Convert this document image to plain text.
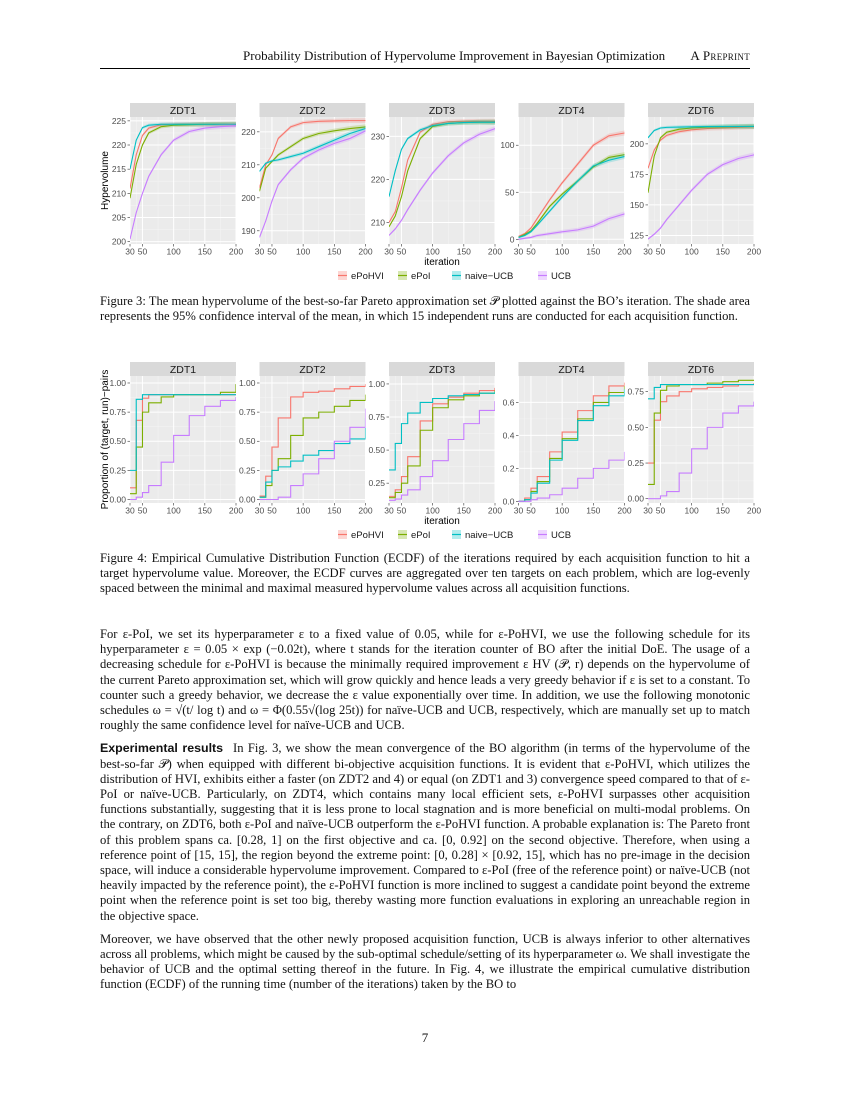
Probability Distribution of Hypervolume Improvement in Bayesian Optimization A Preprint
Hypervolume
ZDT1
30 50 100 150 200
200
205
210
215
220
225
ZDT2
30 50 100 150 200
190
200
210
220
ZDT3
30 50 100 150 200
210
220
230
ZDT4
30 50 100 150 200
0
50
100
ZDT6
30 50 100 150 200
125
150
175
200
iteration
ePoHVI	ePoI	naive−UCB	UCB
Figure 3: The mean hypervolume of the best-so-far Pareto approximation set 𝒫 plotted against the BO’s iteration. The shade area represents the 95% confidence interval of the mean, in which 15 independent runs are conducted for each acquisition function.
Proportion of (target, run)−pairs	ZDT1
30 50 100 150 200
0.00
0.25
0.50
0.75
1.00
ZDT2
30 50 100 150 200
0.00
0.25
0.50
0.75
1.00
ZDT3
30 50 100 150 200
0.25
0.50
0.75
1.00
ZDT4
30 50 100 150 200
0.0
0.2
0.4
0.6
ZDT6
30 50 100 150 200
0.00
0.25
0.50
0.75
iteration
ePoHVI	ePoI	naive−UCB	UCB
Figure 4: Empirical Cumulative Distribution Function (ECDF) of the iterations required by each acquisition function to hit a target hypervolume value. Moreover, the ECDF curves are aggregated over ten targets on each problem, which are log-evenly spaced between the minimal and maximal measured hypervolume values across all acquisition functions.

For ε-PoI, we set its hyperparameter ε to a fixed value of 0.05, while for ε-PoHVI, we use the following schedule for its hyperparameter ε = 0.05 × exp (−0.02t), where t stands for the iteration counter of BO after the initial DoE. The usage of a decreasing schedule for ε-PoHVI is because the minimally required improvement ε HV (𝒫, r) depends on the hypervolume of the current Pareto approximation set, which will grow quickly and hence leads a very greedy behavior if ε is set to a constant. To counter such a greedy behavior, we decrease the ε value exponentially over time. In addition, we use the following monotonic schedules ω = √(t/ log t) and ω = Φ(0.55√(log 25t)) for naïve-UCB and UCB, respectively, which are manually set up to match roughly the same confidence level for naïve-UCB and UCB.

Experimental results In Fig. 3, we show the mean convergence of the BO algorithm (in terms of the hypervolume of the best-so-far 𝒫) when equipped with different bi-objective acquisition functions. It is evident that ε-PoHVI, which utilizes the distribution of HVI, exhibits either a faster (on ZDT2 and 4) or equal (on ZDT1 and 3) convergence speed compared to that of ε-PoI or naïve-UCB. Particularly, on ZDT4, which contains many local efficient sets, ε-PoHVI surpasses other acquisition functions substantially, suggesting that it is less prone to local stagnation and is more beneficial on multi-modal problems. On the contrary, on ZDT6, both ε-PoI and naïve-UCB outperform the ε-PoHVI function. A probable explanation is: The Pareto front of this problem spans ca. [0.28, 1] on the first objective and ca. [0, 0.92] on the second objective. Therefore, when using a reference point of [15, 15], the region beyond the extreme point: [0, 0.28] × [0.92, 15], which has no pre-image in the decision space, will induce a considerable hypervolume improvement. Compared to ε-PoI (free of the reference point) or naïve-UCB (not heavily impacted by the reference point), the ε-PoHVI function is more inclined to suggest a candidate point beyond the extreme point when the reference point is set too big, thereby wasting more function evaluations in exploring an unreachable region in the objective space.

Moreover, we have observed that the other newly proposed acquisition function, UCB is always inferior to other alternatives across all problems, which might be caused by the sub-optimal schedule/setting of its hyperparameter ω. We shall investigate the behavior of UCB and the optimal setting thereof in the future. In Fig. 4, we illustrate the empirical cumulative distribution function (ECDF) of the running time (number of the iterations) taken by the BO to

7
